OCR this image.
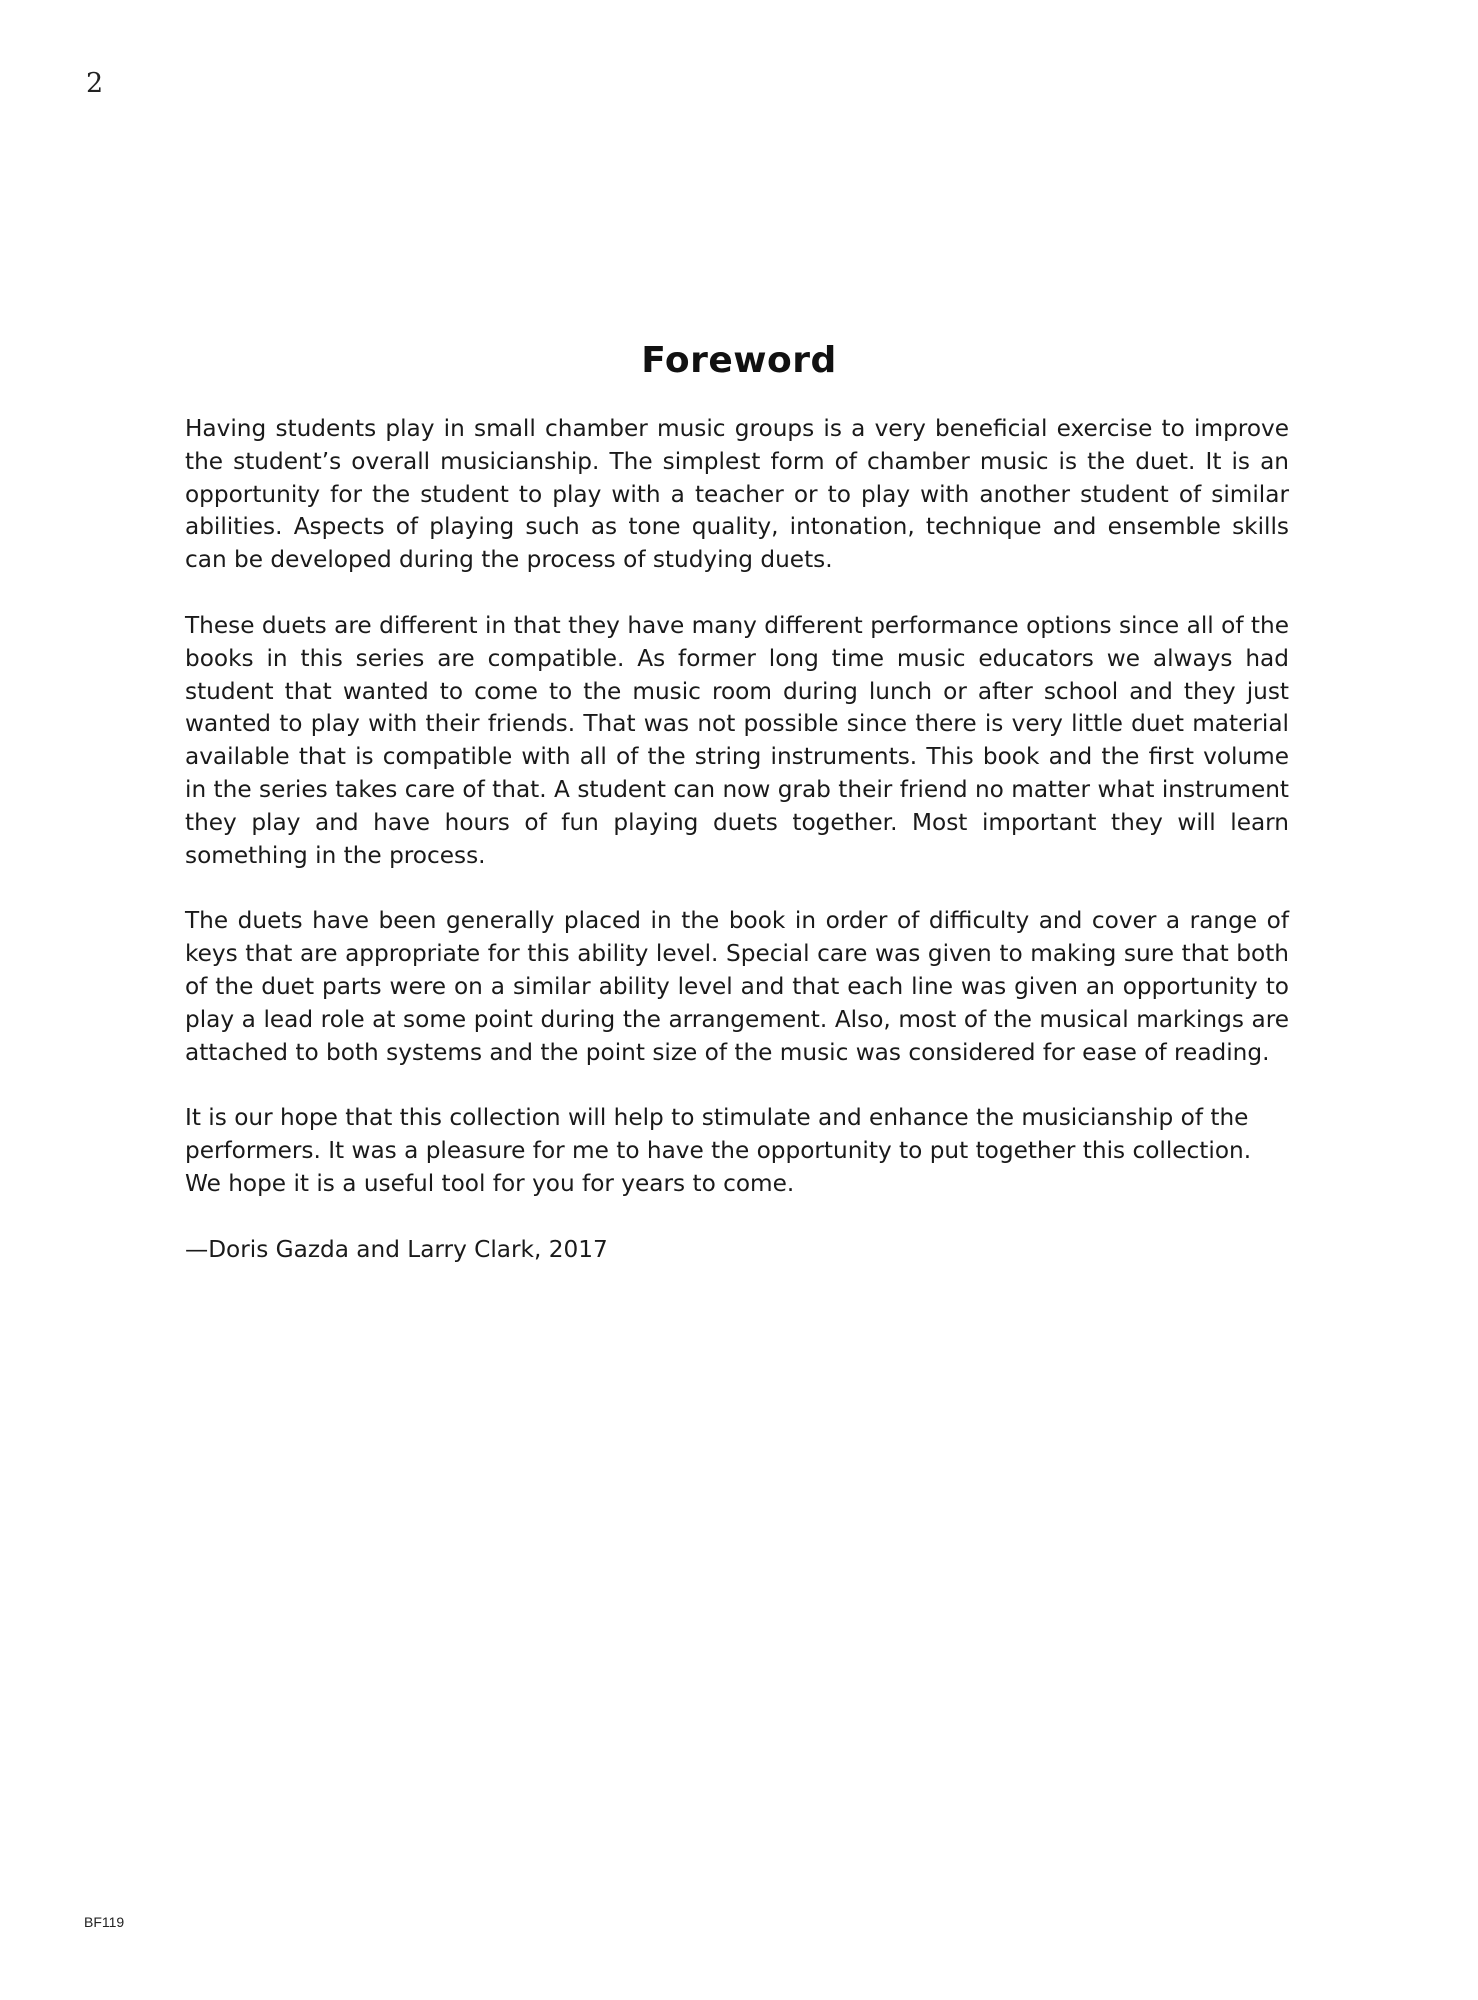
2
Foreword

Having students play in small chamber music groups is a very beneficial exercise to improve the student’s overall musicianship. The simplest form of chamber music is the duet. It is an opportunity for the student to play with a teacher or to play with another student of similar abilities. Aspects of playing such as tone quality, intonation, technique and ensemble skills can be developed during the process of studying duets.

These duets are different in that they have many different performance options since all of the books in this series are compatible. As former long time music educators we always had student that wanted to come to the music room during lunch or after school and they just wanted to play with their friends. That was not possible since there is very little duet material available that is compatible with all of the string instruments. This book and the first volume in the series takes care of that. A student can now grab their friend no matter what instrument they play and have hours of fun playing duets together. Most important they will learn something in the process.

The duets have been generally placed in the book in order of difficulty and cover a range of keys that are appropriate for this ability level. Special care was given to making sure that both of the duet parts were on a similar ability level and that each line was given an opportunity to play a lead role at some point during the arrangement. Also, most of the musical markings are attached to both systems and the point size of the music was considered for ease of reading.

It is our hope that this collection will help to stimulate and enhance the musicianship of the performers. It was a pleasure for me to have the opportunity to put together this collection. We hope it is a useful tool for you for years to come.

—Doris Gazda and Larry Clark, 2017
BF119
